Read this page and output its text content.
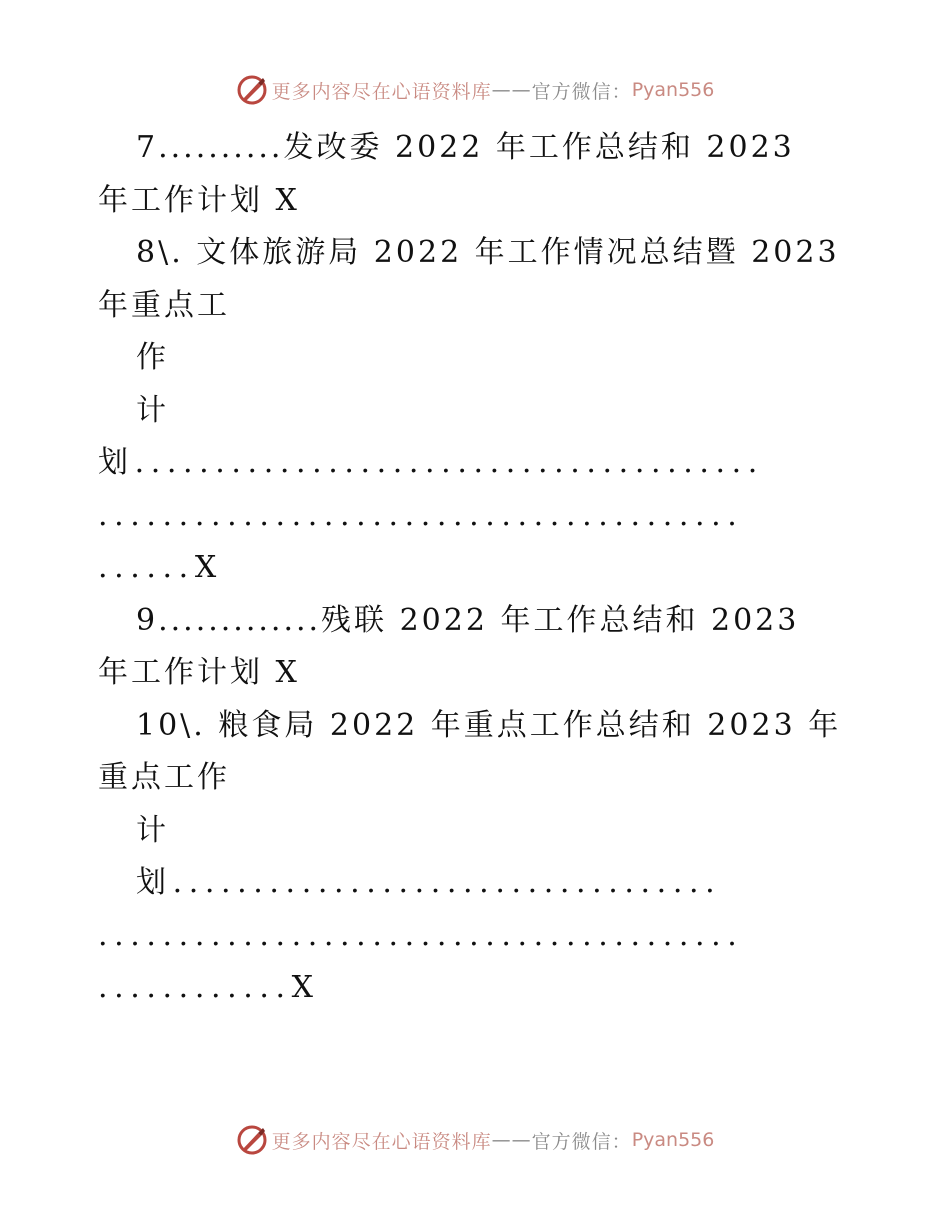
更多内容尽在心语资料库 —— 官方微信： Pyan556
7..........发改委 2022 年工作总结和 2023
年工作计划 X
8\. 文体旅游局 2022 年工作情况总结暨 2023
年重点工
作
计
划.......................................
........................................
......X
9.............残联 2022 年工作总结和 2023
年工作计划 X
10\. 粮食局 2022 年重点工作总结和 2023 年
重点工作
计
划..................................
........................................
............X
更多内容尽在心语资料库 —— 官方微信： Pyan556
